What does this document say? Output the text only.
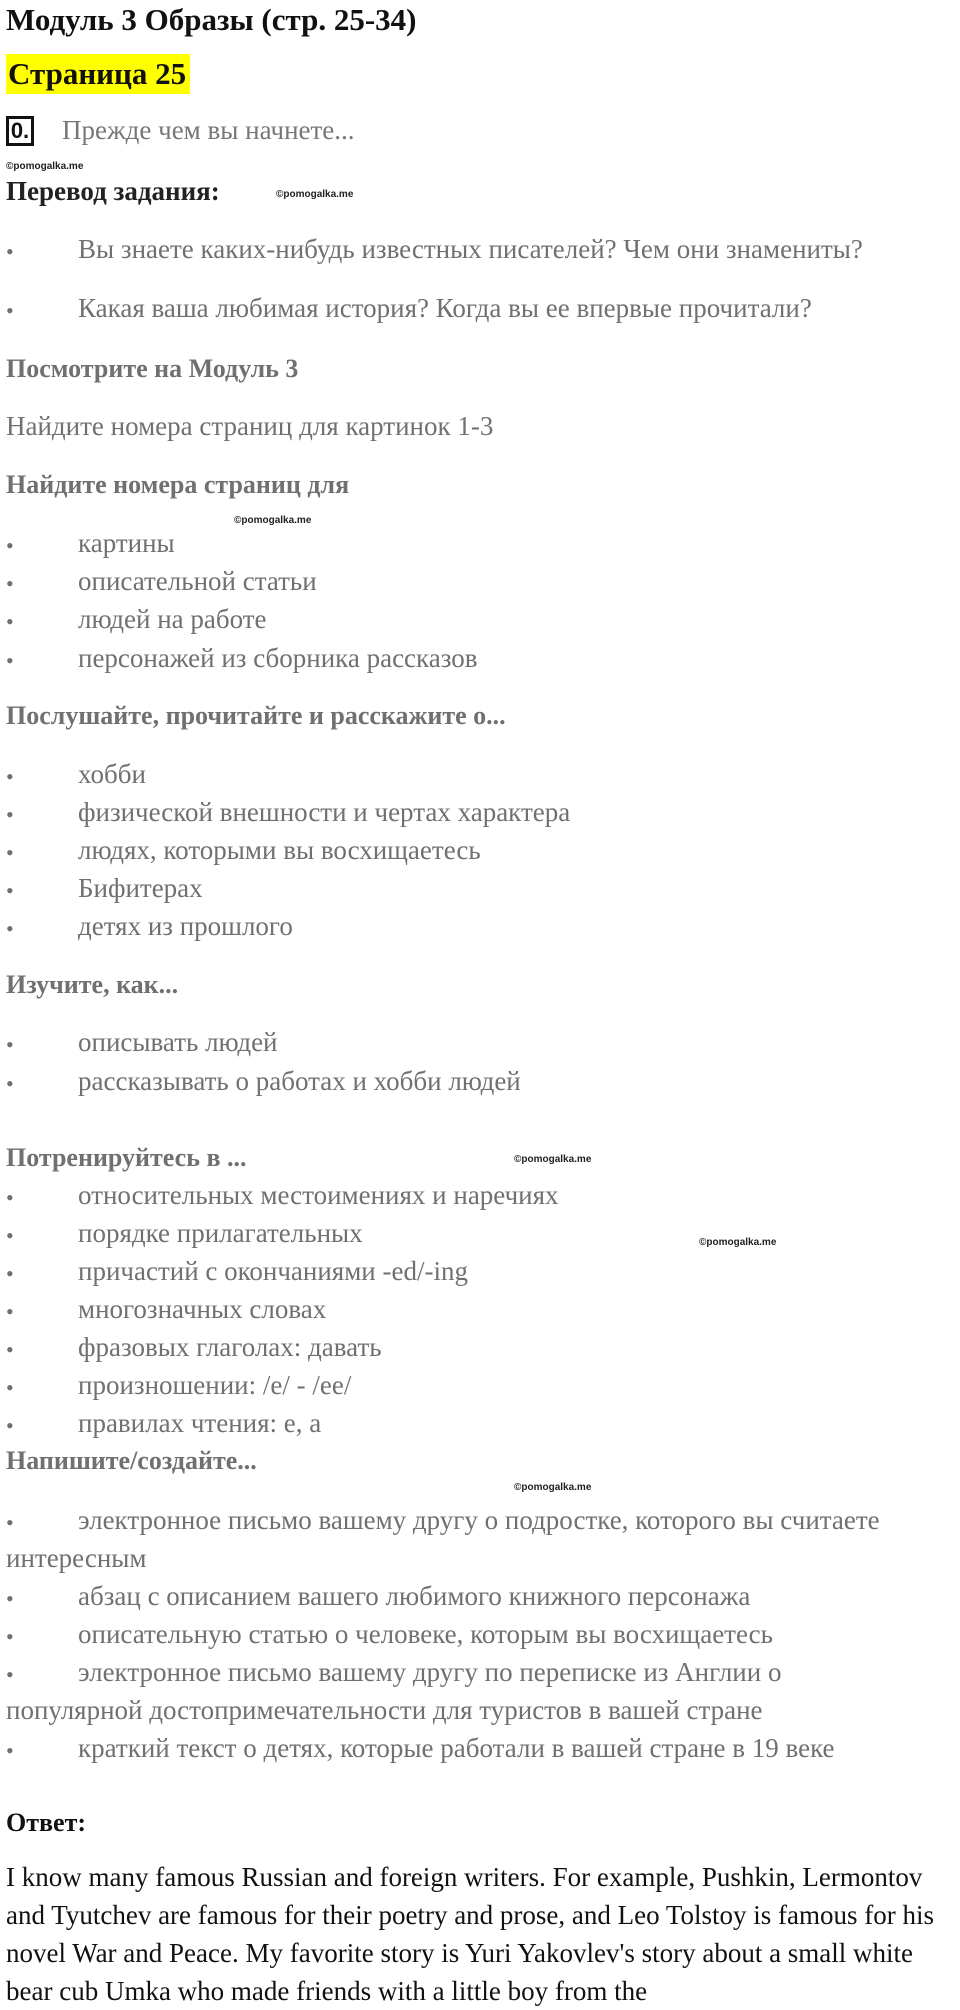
Модуль 3 Образы (стр. 25-34)
Страница 25
0. Прежде чем вы начнете...
©pomogalka.me
Перевод задания:	©pomogalka.me
• Вы знаете каких-нибудь известных писателей? Чем они знамениты?
• Какая ваша любимая история? Когда вы ее впервые прочитали?
Посмотрите на Модуль 3
Найдите номера страниц для картинок 1-3
Найдите номера страниц для
©pomogalka.me
• картины
• описательной статьи
• людей на работе
• персонажей из сборника рассказов
Послушайте, прочитайте и расскажите о...
• хобби
• физической внешности и чертах характера
• людях, которыми вы восхищаетесь
• Бифитерах
• детях из прошлого
Изучите, как...
• описывать людей
• рассказывать о работах и хобби людей
Потренируйтесь в ...	©pomogalka.me
• относительных местоимениях и наречиях
• порядке прилагательных	©pomogalka.me
• причастий с окончаниями -ed/-ing
• многозначных словах
• фразовых глаголах: давать
• произношении: /e/ - /ee/
• правилах чтения: е, а
Напишите/создайте...
©pomogalka.me
• электронное письмо вашему другу о подростке, которого вы считаете
интересным
• абзац с описанием вашего любимого книжного персонажа
• описательную статью о человеке, которым вы восхищаетесь
• электронное письмо вашему другу по переписке из Англии о
популярной достопримечательности для туристов в вашей стране
• краткий текст о детях, которые работали в вашей стране в 19 веке
Ответ:
I know many famous Russian and foreign writers. For example, Pushkin, Lermontov and Tyutchev are famous for their poetry and prose, and Leo Tolstoy is famous for his novel War and Peace. My favorite story is Yuri Yakovlev's story about a small white bear cub Umka who made friends with a little boy from the
